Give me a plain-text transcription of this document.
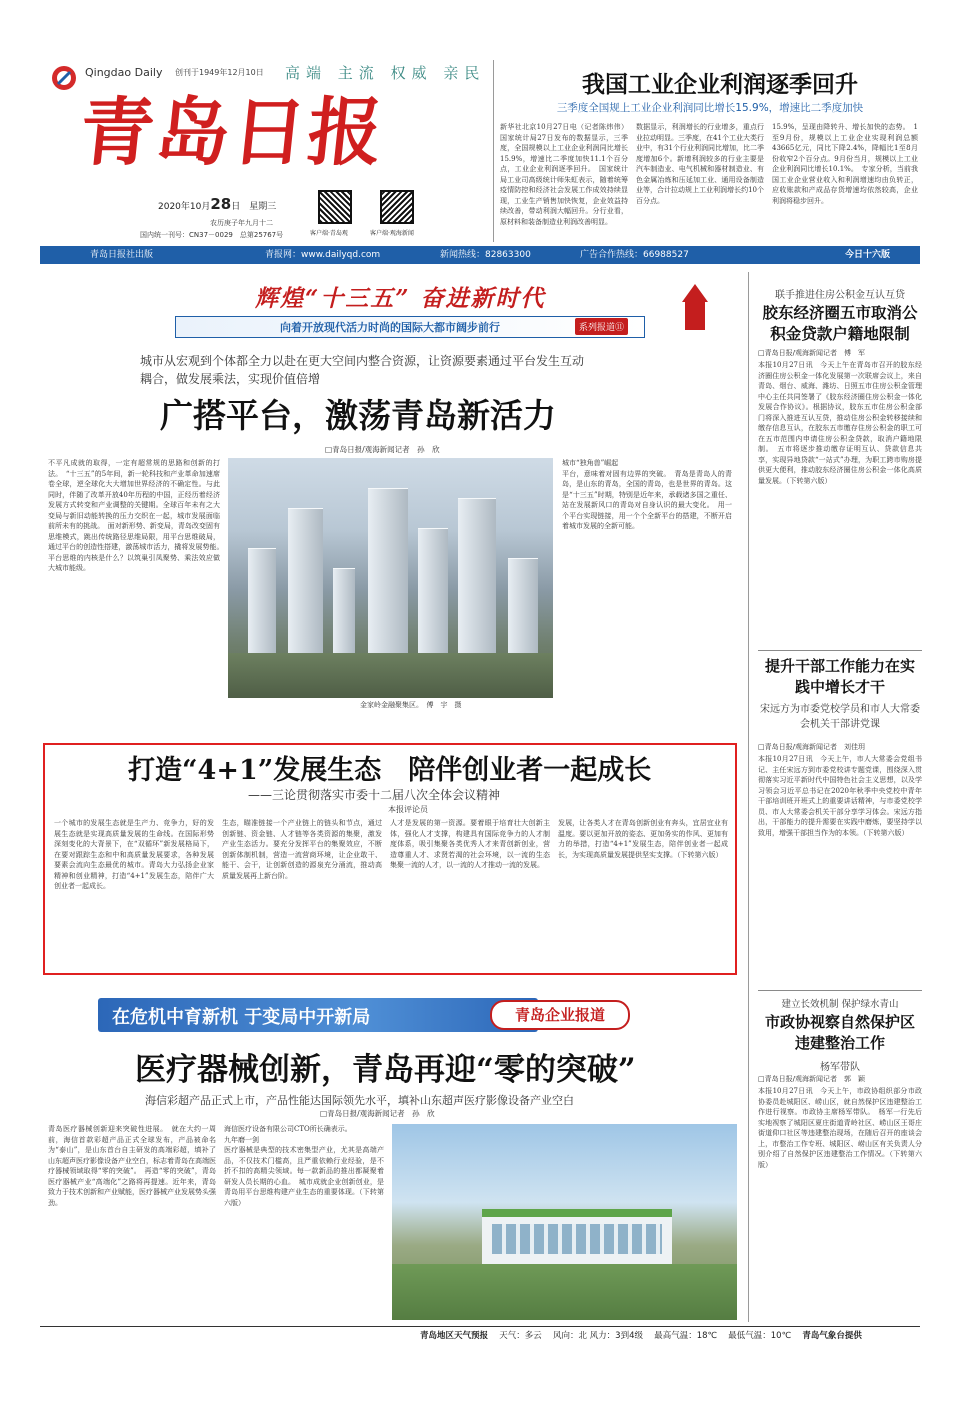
Qingdao Daily 创刊于1949年12月10日 高端 主流 权威 亲民
青岛日报
2020年10月28日　 星期三
农历庚子年九月十二
国内统一刊号：CN37－0029　 总第25767号	客户端·青岛观	客户端·观海新闻
我国工业企业利润逐季回升
三季度全国规上工业企业利润同比增长15.9%，增速比二季度加快
新华社北京10月27日电（记者陈炜伟）国家统计局27日发布的数据显示，三季度，全国规模以上工业企业利润同比增长15.9%，增速比二季度加快11.1个百分点，工业企业利润逐季回升。　国家统计局工业司高级统计师朱虹表示，随着统筹疫情防控和经济社会发展工作成效持续显现，工业生产销售加快恢复，企业效益持续改善，带动利润大幅回升。分行业看，原材料和装备制造业利润改善明显。
数据显示，利润增长的行业增多，重点行业拉动明显。三季度，在41个工业大类行业中，有31个行业利润同比增加，比二季度增加6个。新增利润较多的行业主要是汽车制造业、电气机械和器材制造业、有色金属冶炼和压延加工业、通用设备制造业等，合计拉动规上工业利润增长约10个百分点。
15.9%，呈现由降转升、增长加快的态势。　1至9月份，规模以上工业企业实现利润总额43665亿元，同比下降2.4%，降幅比1至8月份收窄2个百分点。9月份当月，规模以上工业企业利润同比增长10.1%。　专家分析，当前我国工业企业营业收入和利润增速均由负转正，应收账款和产成品存货增速均依然较高，企业利润将稳步回升。
青岛日报社出版	青报网：www.dailyqd.com	新闻热线：82863300	广告合作热线：66988527	今日十六版
辉煌“十三五” 奋进新时代
向着开放现代活力时尚的国际大都市阔步前行	系列报道⑪
城市从宏观到个体都全力以赴在更大空间内整合资源，让资源要素通过平台发生互动耦合，做发展乘法，实现价值倍增
广搭平台，激荡青岛新活力
□青岛日报/观海新闻记者　孙　欣
不平凡成就的取得，一定有超常规的思路和创新的打法。　“十三五”的5年间，新一轮科技和产业革命加速席卷全球，逆全球化大大增加世界经济的不确定性。与此同时，伴随了改革开放40年历程的中国，正经历着经济发展方式转变和产业调整的关键期。全球百年未有之大变局与新旧动能转换的压力交织在一起，城市发展面临前所未有的挑战。　面对新形势、新变局，青岛改变固有思维模式，跳出传统路径思维局限，用平台思维破局，通过平台的创造性搭建，激荡城市活力，撬将发展势能。　平台思维的内核是什么？以筑巢引凤聚势、乘法效应做大城市能级。
金家岭金融聚集区。　傅　宇　摄
城市“独角兽”崛起
平台，意味着对固有边界的突破。　青岛是青岛人的青岛，是山东的青岛，全国的青岛，也是世界的青岛。这是“十三五”时期，特别是近年来，承载诸多国之重任、站在发展新风口的青岛对自身认识的最大变化。　用一个平台实现链接，用一个个全新平台的搭建，不断开启着城市发展的全新可能。
打造“4+1”发展生态　陪伴创业者一起成长
——三论贯彻落实市委十二届八次全体会议精神
本报评论员
一个城市的发展生态就是生产力、竞争力，好的发展生态就是实现高质量发展的生命线。在国际形势深刻变化的大背景下，在“双循环”新发展格局下，在要对跟踪生态和中和高质量发展要求，各种发展要素会流向生态最优的城市。青岛大力弘扬企业家精神和创业精神，打造“4+1”发展生态，陪伴广大创业者一起成长。
生态，瞄准链接一个产业链上的链头和节点，通过创新链、资金链、人才链等各类资源的集聚，激发产业生态活力。要充分发挥平台的集聚效应，不断创新体制机制，营造一流营商环境，让企业敢干、能干、会干，让创新创造的源泉充分涌流，推动高质量发展再上新台阶。
人才是发展的第一资源。要着眼于培育壮大创新主体，强化人才支撑，构建具有国际竞争力的人才制度体系，吸引集聚各类优秀人才来青创新创业，营造尊重人才、求贤若渴的社会环境，以一流的生态集聚一流的人才，以一流的人才推动一流的发展。
发展，让各类人才在青岛创新创业有奔头，宜居宜业有温度。要以更加开放的姿态、更加务实的作风、更加有力的举措，打造“4+1”发展生态，陪伴创业者一起成长，为实现高质量发展提供坚实支撑。（下转第六版）
在危机中育新机 于变局中开新局	青岛企业报道
医疗器械创新，青岛再迎“零的突破”
海信彩超产品正式上市，产品性能达国际领先水平，填补山东超声医疗影像设备产业空白
□青岛日报/观海新闻记者　孙　欣
青岛医疗器械创新迎来突破性进展。　就在大约一周前，海信首款彩超产品正式全球发布，产品被命名为“泰山”，是山东首台自主研发的高端彩超，填补了山东超声医疗影像设备产业空白，标志着青岛在高端医疗器械领域取得“零的突破”。　再造“零的突破”，青岛医疗器械产业“高端化”之路将再提速。近年来，青岛致力于技术创新和产业赋能，医疗器械产业发展势头强劲。
海信医疗设备有限公司CTO所长确表示。
九年磨一剑
医疗器械是典型的技术密集型产业，尤其是高端产品，不仅技术门槛高，且严重依赖行业经验，是不折不扣的高精尖领域。每一款新品的推出都凝聚着研发人员长期的心血。　城市成就企业创新创业，是青岛用平台思维构建产业生态的重要体现。（下转第六版）
联手推进住房公积金互认互贷
胶东经济圈五市取消公积金贷款户籍地限制
□青岛日报/观海新闻记者　傅　军
本报10月27日讯　今天上午在青岛市召开的胶东经济圈住房公积金一体化发展第一次联席会议上，来自青岛、烟台、威海、潍坊、日照五市住房公积金管理中心主任共同签署了《胶东经济圈住房公积金一体化发展合作协议》。根据协议，胶东五市住房公积金部门将深入推进互认互贷，推动住房公积金转移接续和缴存信息互认，在胶东五市缴存住房公积金的职工可在五市范围内申请住房公积金贷款，取消户籍地限制。　五市将逐步推动缴存证明互认、贷款信息共享，实现异地贷款“一站式”办理，为职工跨市购房提供更大便利，推动胶东经济圈住房公积金一体化高质量发展。（下转第六版）
提升干部工作能力在实践中增长才干
宋远方为市委党校学员和市人大常委会机关干部讲党课
□青岛日报/观海新闻记者　刘佳玥
本报10月27日讯　今天上午，市人大常委会党组书记、主任宋远方到市委党校讲专题党课，围绕深入贯彻落实习近平新时代中国特色社会主义思想，以及学习领会习近平总书记在2020年秋季中央党校中青年干部培训班开班式上的重要讲话精神，与市委党校学员、市人大常委会机关干部分享学习体会。宋远方指出，干部能力的提升需要在实践中磨炼，要坚持学以致用，增强干部担当作为的本领。（下转第六版）
建立长效机制 保护绿水青山
市政协视察自然保护区违建整治工作
杨军带队
□青岛日报/观海新闻记者　郭　颖
本报10月27日讯　今天上午，市政协组织部分市政协委员赴城阳区、崂山区，就自然保护区违建整治工作进行视察。市政协主席杨军带队。　杨军一行先后实地视察了城阳区夏庄街道青岭社区、崂山区王哥庄街道仰口社区等违建整治现场，在随后召开的座谈会上，市整治工作专班、城阳区、崂山区有关负责人分别介绍了自然保护区违建整治工作情况。（下转第六版）
青岛地区天气预报　 天气：多云　 风向：北 风力：3到4级　 最高气温：18℃　 最低气温：10℃　 青岛气象台提供
